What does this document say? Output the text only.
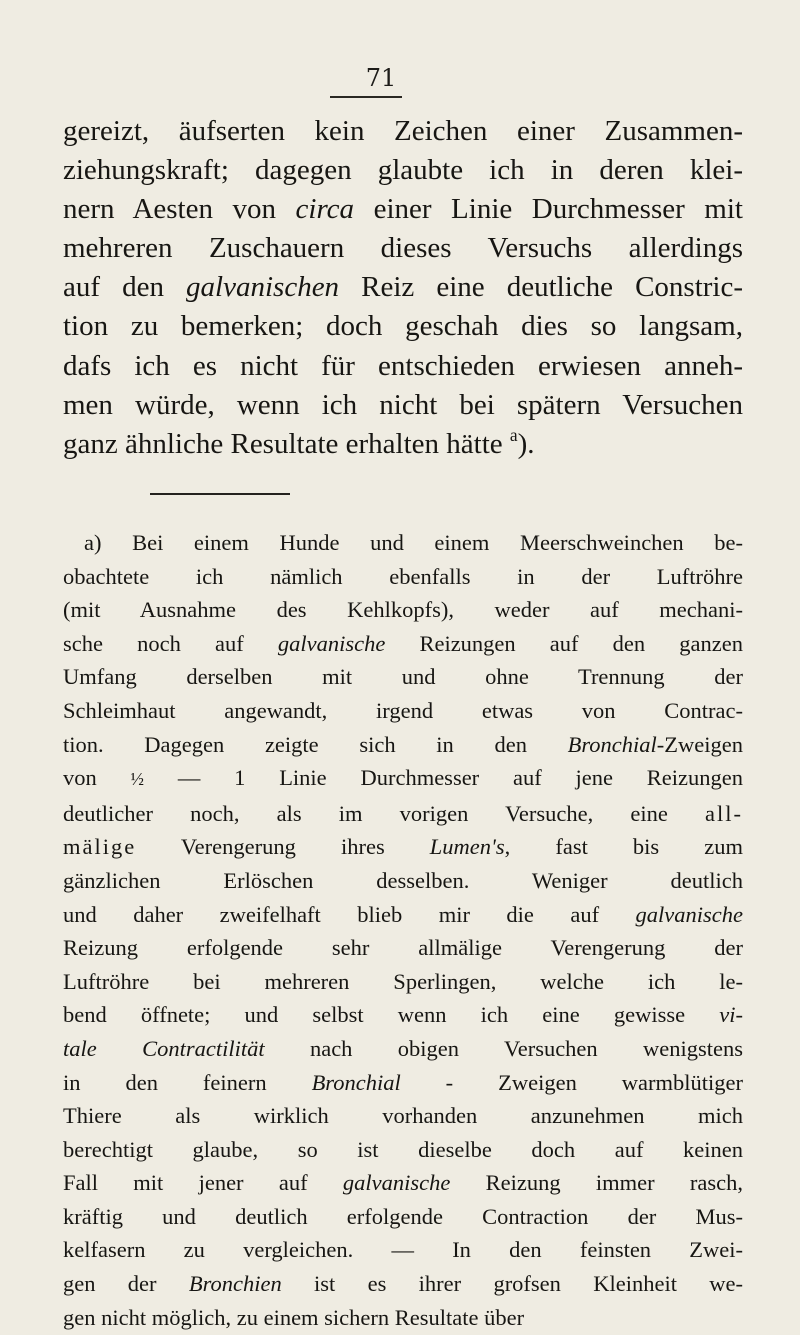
71
gereizt, äufserten kein Zeichen einer Zusammen-
ziehungskraft; dagegen glaubte ich in deren klei-
nern Aesten von circa einer Linie Durchmesser mit
mehreren Zuschauern dieses Versuchs allerdings
auf den galvanischen Reiz eine deutliche Constric-
tion zu bemerken; doch geschah dies so langsam,
dafs ich es nicht für entschieden erwiesen anneh-
men würde, wenn ich nicht bei spätern Versuchen
ganz ähnliche Resultate erhalten hätte $^a$).
a) Bei einem Hunde und einem Meerschweinchen be-
obachtete ich nämlich ebenfalls in der Luftröhre
(mit Ausnahme des Kehlkopfs), weder auf mechani-
sche noch auf galvanische Reizungen auf den ganzen
Umfang derselben mit und ohne Trennung der
Schleimhaut angewandt, irgend etwas von Contrac-
tion. Dagegen zeigte sich in den Bronchial-Zweigen
von ½ — 1 Linie Durchmesser auf jene Reizungen
deutlicher noch, als im vorigen Versuche, eine all-
mälige Verengerung ihres Lumen's, fast bis zum
gänzlichen Erlöschen desselben. Weniger deutlich
und daher zweifelhaft blieb mir die auf galvanische
Reizung erfolgende sehr allmälige Verengerung der
Luftröhre bei mehreren Sperlingen, welche ich le-
bend öffnete; und selbst wenn ich eine gewisse vi-
tale Contractilität nach obigen Versuchen wenigstens
in den feinern Bronchial - Zweigen warmblütiger
Thiere als wirklich vorhanden anzunehmen mich
berechtigt glaube, so ist dieselbe doch auf keinen
Fall mit jener auf galvanische Reizung immer rasch,
kräftig und deutlich erfolgende Contraction der Mus-
kelfasern zu vergleichen. — In den feinsten Zwei-
gen der Bronchien ist es ihrer grofsen Kleinheit we-
gen nicht möglich, zu einem sichern Resultate über
